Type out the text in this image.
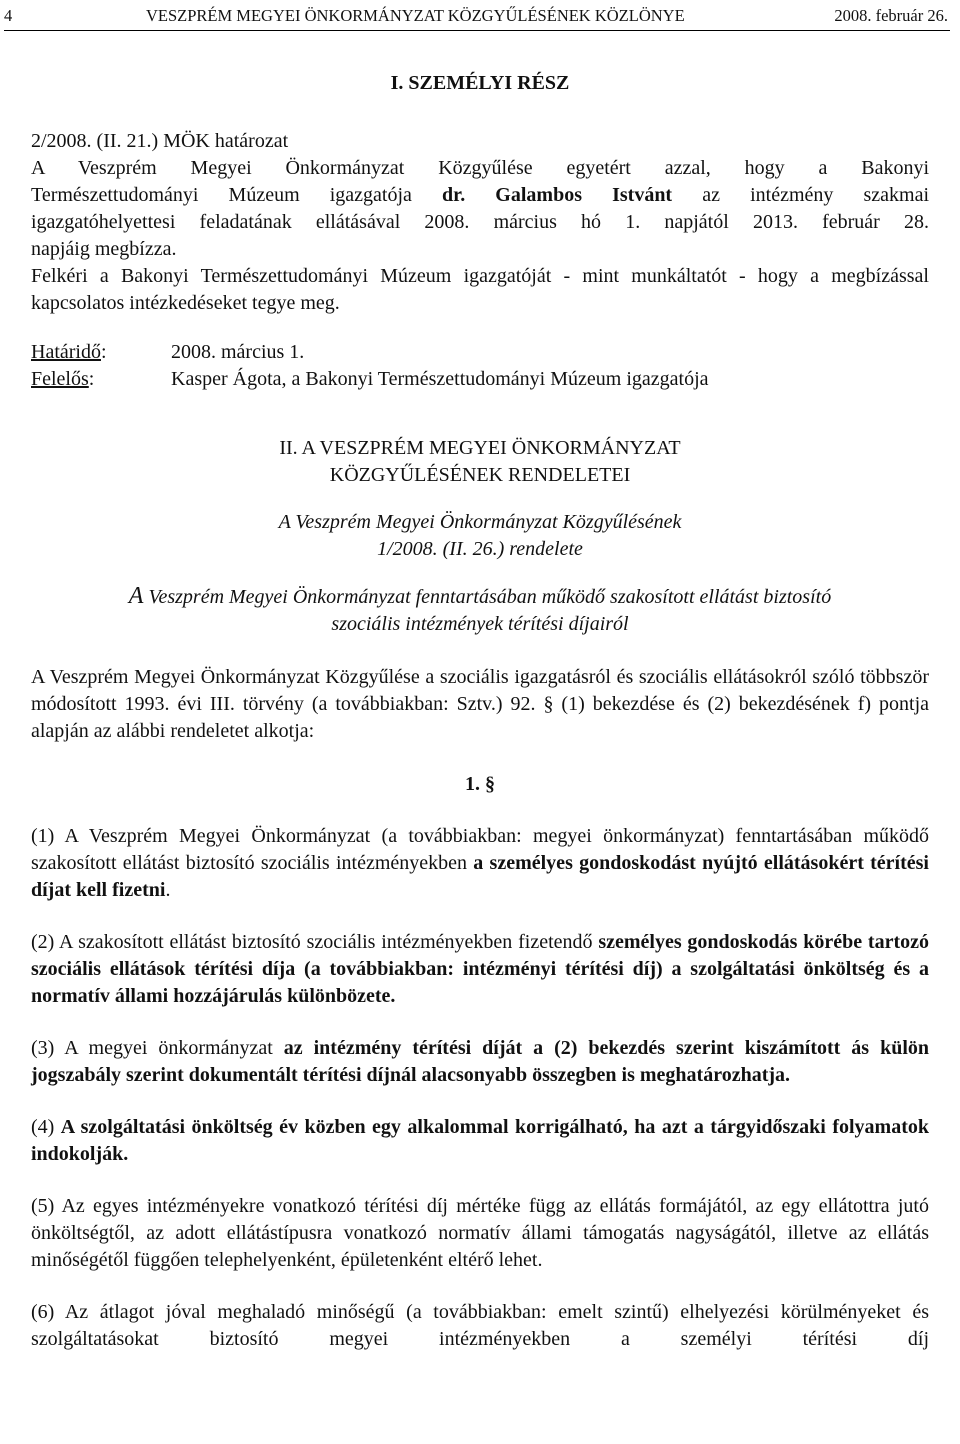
4	VESZPRÉM MEGYEI ÖNKORMÁNYZAT KÖZGYŰLÉSÉNEK KÖZLÖNYE	2008. február 26.

I. SZEMÉLYI RÉSZ

2/2008. (II. 21.) MÖK határozat

A Veszprém Megyei Önkormányzat Közgyűlése egyetért azzal, hogy a Bakonyi

Természettudományi Múzeum igazgatója dr. Galambos Istvánt az intézmény szakmai

igazgatóhelyettesi feladatának ellátásával 2008. március hó 1. napjától 2013. február 28.

napjáig megbízza.

Felkéri a Bakonyi Természettudományi Múzeum igazgatóját - mint munkáltatót - hogy a megbízással kapcsolatos intézkedéseket tegye meg.

Határidő:	2008. március 1.
Felelős:	Kasper Ágota, a Bakonyi Természettudományi Múzeum igazgatója

II. A VESZPRÉM MEGYEI ÖNKORMÁNYZAT

KÖZGYŰLÉSÉNEK RENDELETEI

A Veszprém Megyei Önkormányzat Közgyűlésének

1/2008. (II. 26.) rendelete

A Veszprém Megyei Önkormányzat fenntartásában működő szakosított ellátást biztosító

szociális intézmények térítési díjairól

A Veszprém Megyei Önkormányzat Közgyűlése a szociális igazgatásról és szociális ellátásokról szóló többször módosított 1993. évi III. törvény (a továbbiakban: Sztv.) 92. § (1) bekezdése és (2) bekezdésének f) pontja alapján az alábbi rendeletet alkotja:

1. §

(1) A Veszprém Megyei Önkormányzat (a továbbiakban: megyei önkormányzat) fenntartásában működő szakosított ellátást biztosító szociális intézményekben a személyes gondoskodást nyújtó ellátásokért térítési díjat kell fizetni.

(2) A szakosított ellátást biztosító szociális intézményekben fizetendő személyes gondoskodás körébe tartozó szociális ellátások térítési díja (a továbbiakban: intézményi térítési díj) a szolgáltatási önköltség és a normatív állami hozzájárulás különbözete.

(3) A megyei önkormányzat az intézmény térítési díját a (2) bekezdés szerint kiszámított ás külön jogszabály szerint dokumentált térítési díjnál alacsonyabb összegben is meghatározhatja.

(4) A szolgáltatási önköltség év közben egy alkalommal korrigálható, ha azt a tárgyidőszaki folyamatok indokolják.

(5) Az egyes intézményekre vonatkozó térítési díj mértéke függ az ellátás formájától, az egy ellátottra jutó önköltségtől, az adott ellátástípusra vonatkozó normatív állami támogatás nagyságától, illetve az ellátás minőségétől függően telephelyenként, épületenként eltérő lehet.

(6) Az átlagot jóval meghaladó minőségű (a továbbiakban: emelt szintű) elhelyezési körülményeket és szolgáltatásokat biztosító megyei intézményekben a személyi térítési díj
